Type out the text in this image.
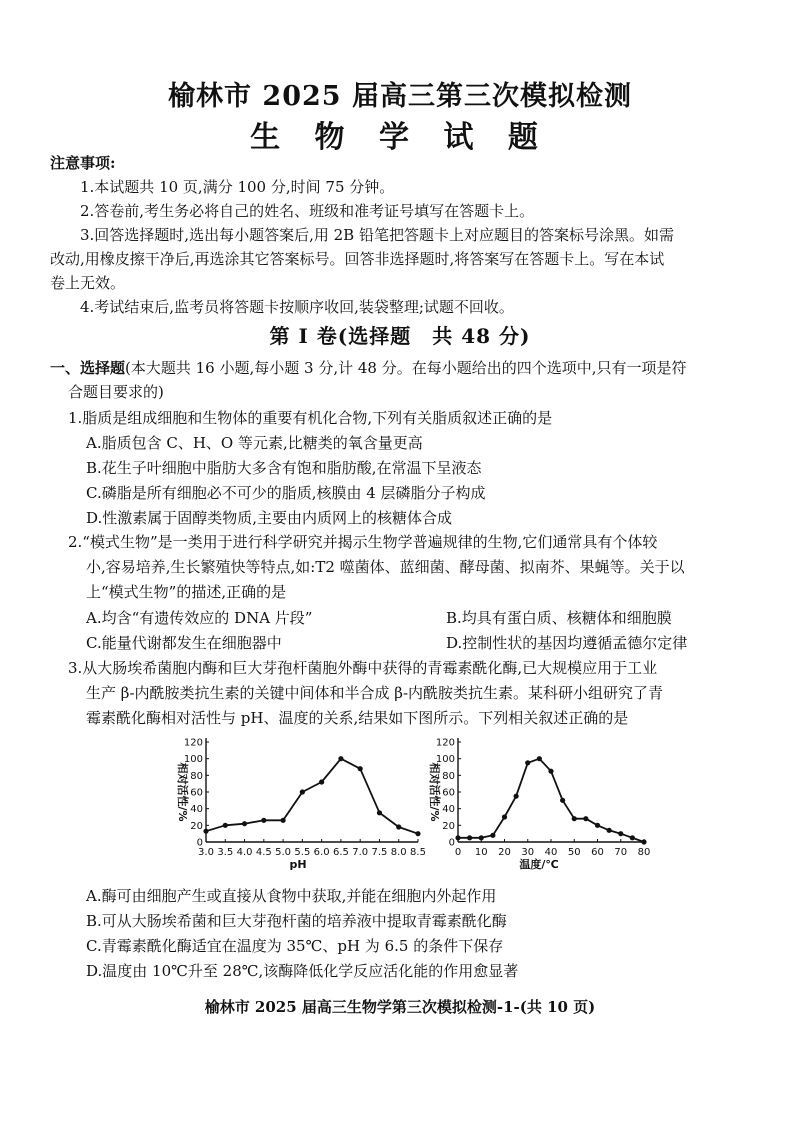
榆林市 2025 届高三第三次模拟检测
生 物 学 试 题
注意事项:
1.本试题共 10 页,满分 100 分,时间 75 分钟。
2.答卷前,考生务必将自己的姓名、班级和准考证号填写在答题卡上。
3.回答选择题时,选出每小题答案后,用 2B 铅笔把答题卡上对应题目的答案标号涂黑。如需
改动,用橡皮擦干净后,再选涂其它答案标号。回答非选择题时,将答案写在答题卡上。写在本试
卷上无效。
4.考试结束后,监考员将答题卡按顺序收回,装袋整理;试题不回收。
第 I 卷(选择题　共 48 分)
一、选择题(本大题共 16 小题,每小题 3 分,计 48 分。在每小题给出的四个选项中,只有一项是符
合题目要求的)
1.脂质是组成细胞和生物体的重要有机化合物,下列有关脂质叙述正确的是
A.脂质包含 C、H、O 等元素,比糖类的氧含量更高
B.花生子叶细胞中脂肪大多含有饱和脂肪酸,在常温下呈液态
C.磷脂是所有细胞必不可少的脂质,核膜由 4 层磷脂分子构成
D.性激素属于固醇类物质,主要由内质网上的核糖体合成
2.“模式生物”是一类用于进行科学研究并揭示生物学普遍规律的生物,它们通常具有个体较
小,容易培养,生长繁殖快等特点,如:T2 噬菌体、蓝细菌、酵母菌、拟南芥、果蝇等。关于以
上“模式生物”的描述,正确的是
A.均含“有遗传效应的 DNA 片段”	B.均具有蛋白质、核糖体和细胞膜
C.能量代谢都发生在细胞器中	D.控制性状的基因均遵循孟德尔定律
3.从大肠埃希菌胞内酶和巨大芽孢杆菌胞外酶中获得的青霉素酰化酶,已大规模应用于工业
生产 β-内酰胺类抗生素的关键中间体和半合成 β-内酰胺类抗生素。某科研小组研究了青
霉素酰化酶相对活性与 pH、温度的关系,结果如下图所示。下列相关叙述正确的是
0
20
40
60
80
100
120
3.0 3.5 4.0 4.5 5.0 5.5 6.0 6.5 7.0 7.5 8.0 8.5
pH
相对活性/%
0
20
40
60
80
100
120
0 10 20 30 40 50 60 70 80
温度/℃
相对活性/%
A.酶可由细胞产生或直接从食物中获取,并能在细胞内外起作用
B.可从大肠埃希菌和巨大芽孢杆菌的培养液中提取青霉素酰化酶
C.青霉素酰化酶适宜在温度为 35℃、pH 为 6.5 的条件下保存
D.温度由 10℃升至 28℃,该酶降低化学反应活化能的作用愈显著
榆林市 2025 届高三生物学第三次模拟检测-1-(共 10 页)
